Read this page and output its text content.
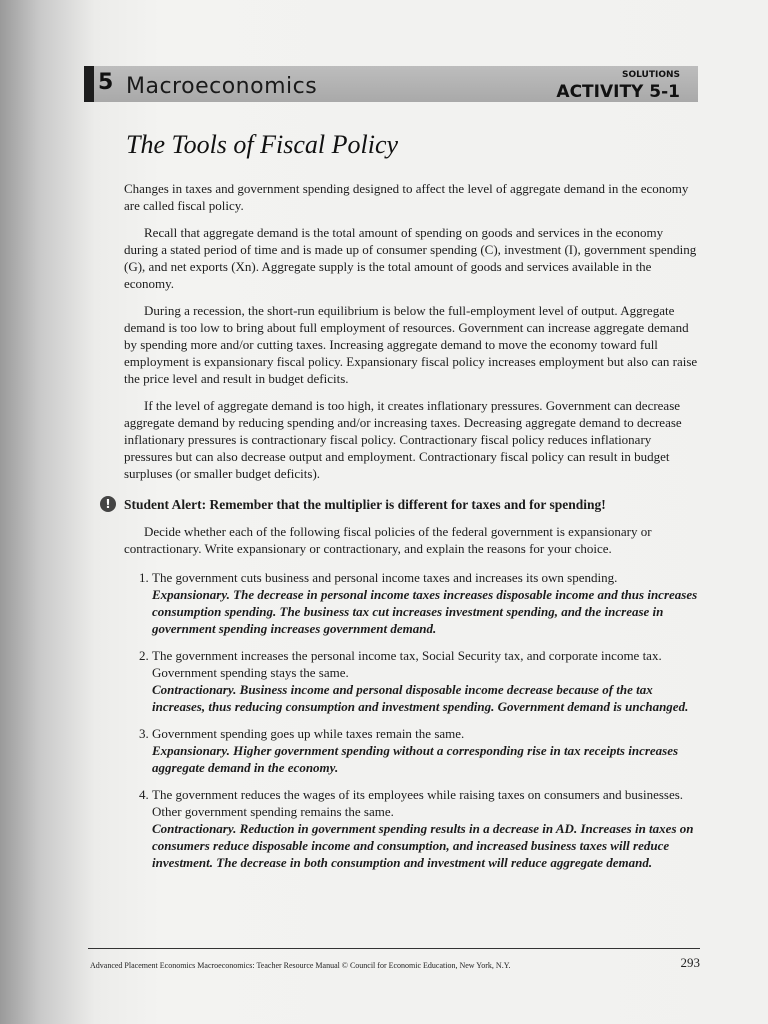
5 Macroeconomics	SOLUTIONS
ACTIVITY 5-1
The Tools of Fiscal Policy

Changes in taxes and government spending designed to affect the level of aggregate demand in the economy are called fiscal policy.

Recall that aggregate demand is the total amount of spending on goods and services in the economy during a stated period of time and is made up of consumer spending (C), investment (I), government spending (G), and net exports (Xn). Aggregate supply is the total amount of goods and services available in the economy.

During a recession, the short-run equilibrium is below the full-employment level of output. Aggregate demand is too low to bring about full employment of resources. Government can increase aggregate demand by spending more and/or cutting taxes. Increasing aggregate demand to move the economy toward full employment is expansionary fiscal policy. Expansionary fiscal policy increases employment but also can raise the price level and result in budget deficits.

If the level of aggregate demand is too high, it creates inflationary pressures. Government can decrease aggregate demand by reducing spending and/or increasing taxes. Decreasing aggregate demand to decrease inflationary pressures is contractionary fiscal policy. Contractionary fiscal policy reduces inflationary pressures but can also decrease output and employment. Contractionary fiscal policy can result in budget surpluses (or smaller budget deficits).

! Student Alert: Remember that the multiplier is different for taxes and for spending!

Decide whether each of the following fiscal policies of the federal government is expansionary or contractionary. Write expansionary or contractionary, and explain the reasons for your choice.

1. The government cuts business and personal income taxes and increases its own spending.
Expansionary. The decrease in personal income taxes increases disposable income and thus increases consumption spending. The business tax cut increases investment spending, and the increase in government spending increases government demand.
2. The government increases the personal income tax, Social Security tax, and corporate income tax. Government spending stays the same.
Contractionary. Business income and personal disposable income decrease because of the tax increases, thus reducing consumption and investment spending. Government demand is unchanged.
3. Government spending goes up while taxes remain the same.
Expansionary. Higher government spending without a corresponding rise in tax receipts increases aggregate demand in the economy.
4. The government reduces the wages of its employees while raising taxes on consumers and businesses. Other government spending remains the same.
Contractionary. Reduction in government spending results in a decrease in AD. Increases in taxes on consumers reduce disposable income and consumption, and increased business taxes will reduce investment. The decrease in both consumption and investment will reduce aggregate demand.
Advanced Placement Economics Macroeconomics: Teacher Resource Manual © Council for Economic Education, New York, N.Y.	293
